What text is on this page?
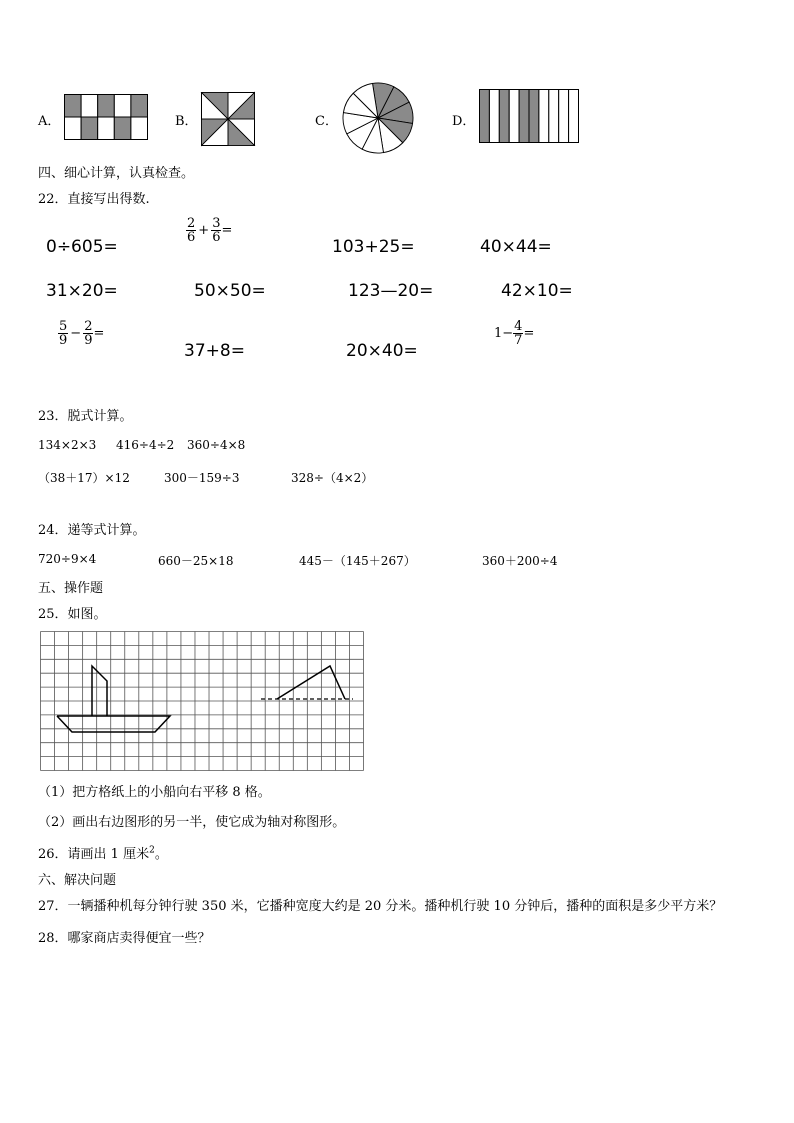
A．	B．	C．	D．
四、细心计算，认真检查。
22．直接写出得数.
0÷605=
$\frac{2}{6} + \frac{3}{6}$ =
103+25=	40×44=
31×20=	50×50=	123—20=	42×10=
$\frac{5}{9} - \frac{2}{9}$ =
37+8=	20×40=
$1- \frac{4}{7}$ =
23．脱式计算。
134×2×3 416÷4÷2 360÷4×8
（38＋17）×12	300－159÷3	328÷（4×2）
24．递等式计算。
720÷9×4	660－25×18	445－（145＋267）	360＋200÷4
五、操作题
25．如图。
（1）把方格纸上的小船向右平移 8 格。
（2）画出右边图形的另一半，使它成为轴对称图形。
26．请画出 1 厘米$^2$。
六、解决问题
27．一辆播种机每分钟行驶 350 米，它播种宽度大约是 20 分米。播种机行驶 10 分钟后，播种的面积是多少平方米？
28．哪家商店卖得便宜一些？
